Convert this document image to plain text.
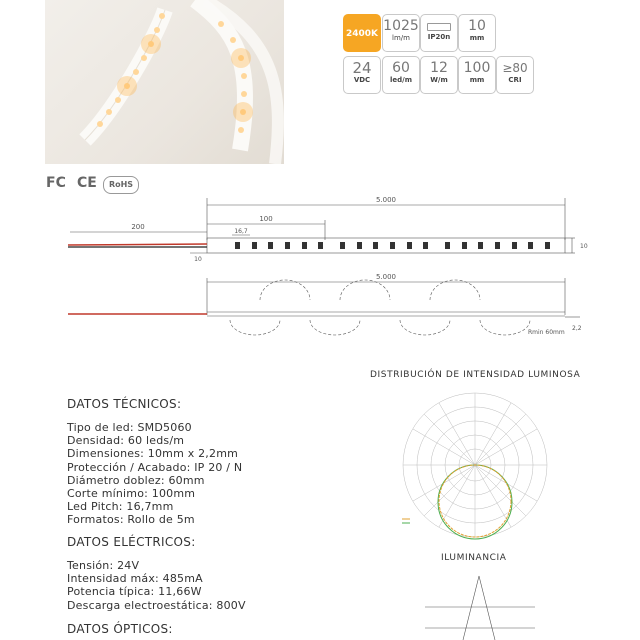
2400K 1025
lm/m	IP20n
10
mm
24
VDC
60
led/m
12
W/m
100
mm
≥80
CRI
FC CE	RoHS
5.000
100
200
16,7
10
10
5.000
Rmin 60mm
2,2
DATOS TÉCNICOS:
Tipo de led: SMD5060
Densidad: 60 leds/m
Dimensiones: 10mm x 2,2mm
Protección / Acabado: IP 20 / N
Diámetro doblez: 60mm
Corte mínimo: 100mm
Led Pitch: 16,7mm
Formatos: Rollo de 5m
DATOS ELÉCTRICOS:
Tensión: 24V
Intensidad máx: 485mA
Potencia típica: 11,66W
Descarga electroestática: 800V
DATOS ÓPTICOS:
DISTRIBUCIÓN DE INTENSIDAD LUMINOSA
ILUMINANCIA
